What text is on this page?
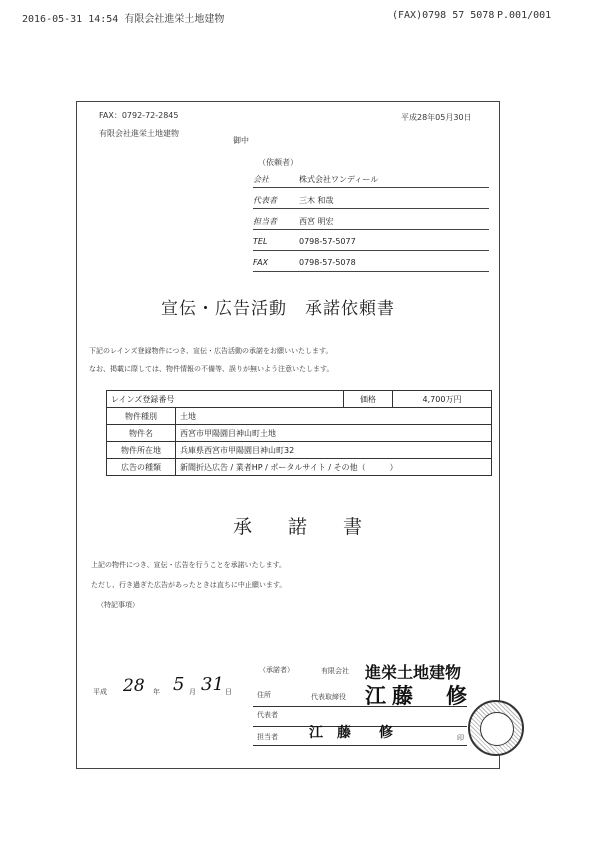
2016-05-31 14:54 有限会社進栄土地建物	(FAX)0798 57 5078 P.001/001
FAX：0792-72-2845	平成28年05月30日
有限会社進栄土地建物
御中
（依頼者）
会社	株式会社ワンディール
代表者	三木 和哉
担当者	西宮 明宏
TEL	0798-57-5077
FAX	0798-57-5078
宣伝・広告活動　承諾依頼書
下記のレインズ登録物件につき、宣伝・広告活動の承諾をお願いいたします。
なお、掲載に際しては、物件情報の不備等、誤りが無いよう注意いたします。
レインズ登録番号		価格	4,700万円
物件種別	土地		
物件名	西宮市甲陽園目神山町土地		
物件所在地	兵庫県西宮市甲陽園目神山町32		
広告の種類	新聞折込広告 / 業者HP / ポータルサイト / その他（　　　）		
承諾書
上記の物件につき、宣伝・広告を行うことを承諾いたします。
ただし、行き過ぎた広告があったときは直ちに中止願います。
（特記事項）
平成 28 年 5 月 31 日
（承諾者）	有限会社 進栄土地建物
住所	代表取締役 江藤　修
代表者
担当者 江　藤　　修	印
